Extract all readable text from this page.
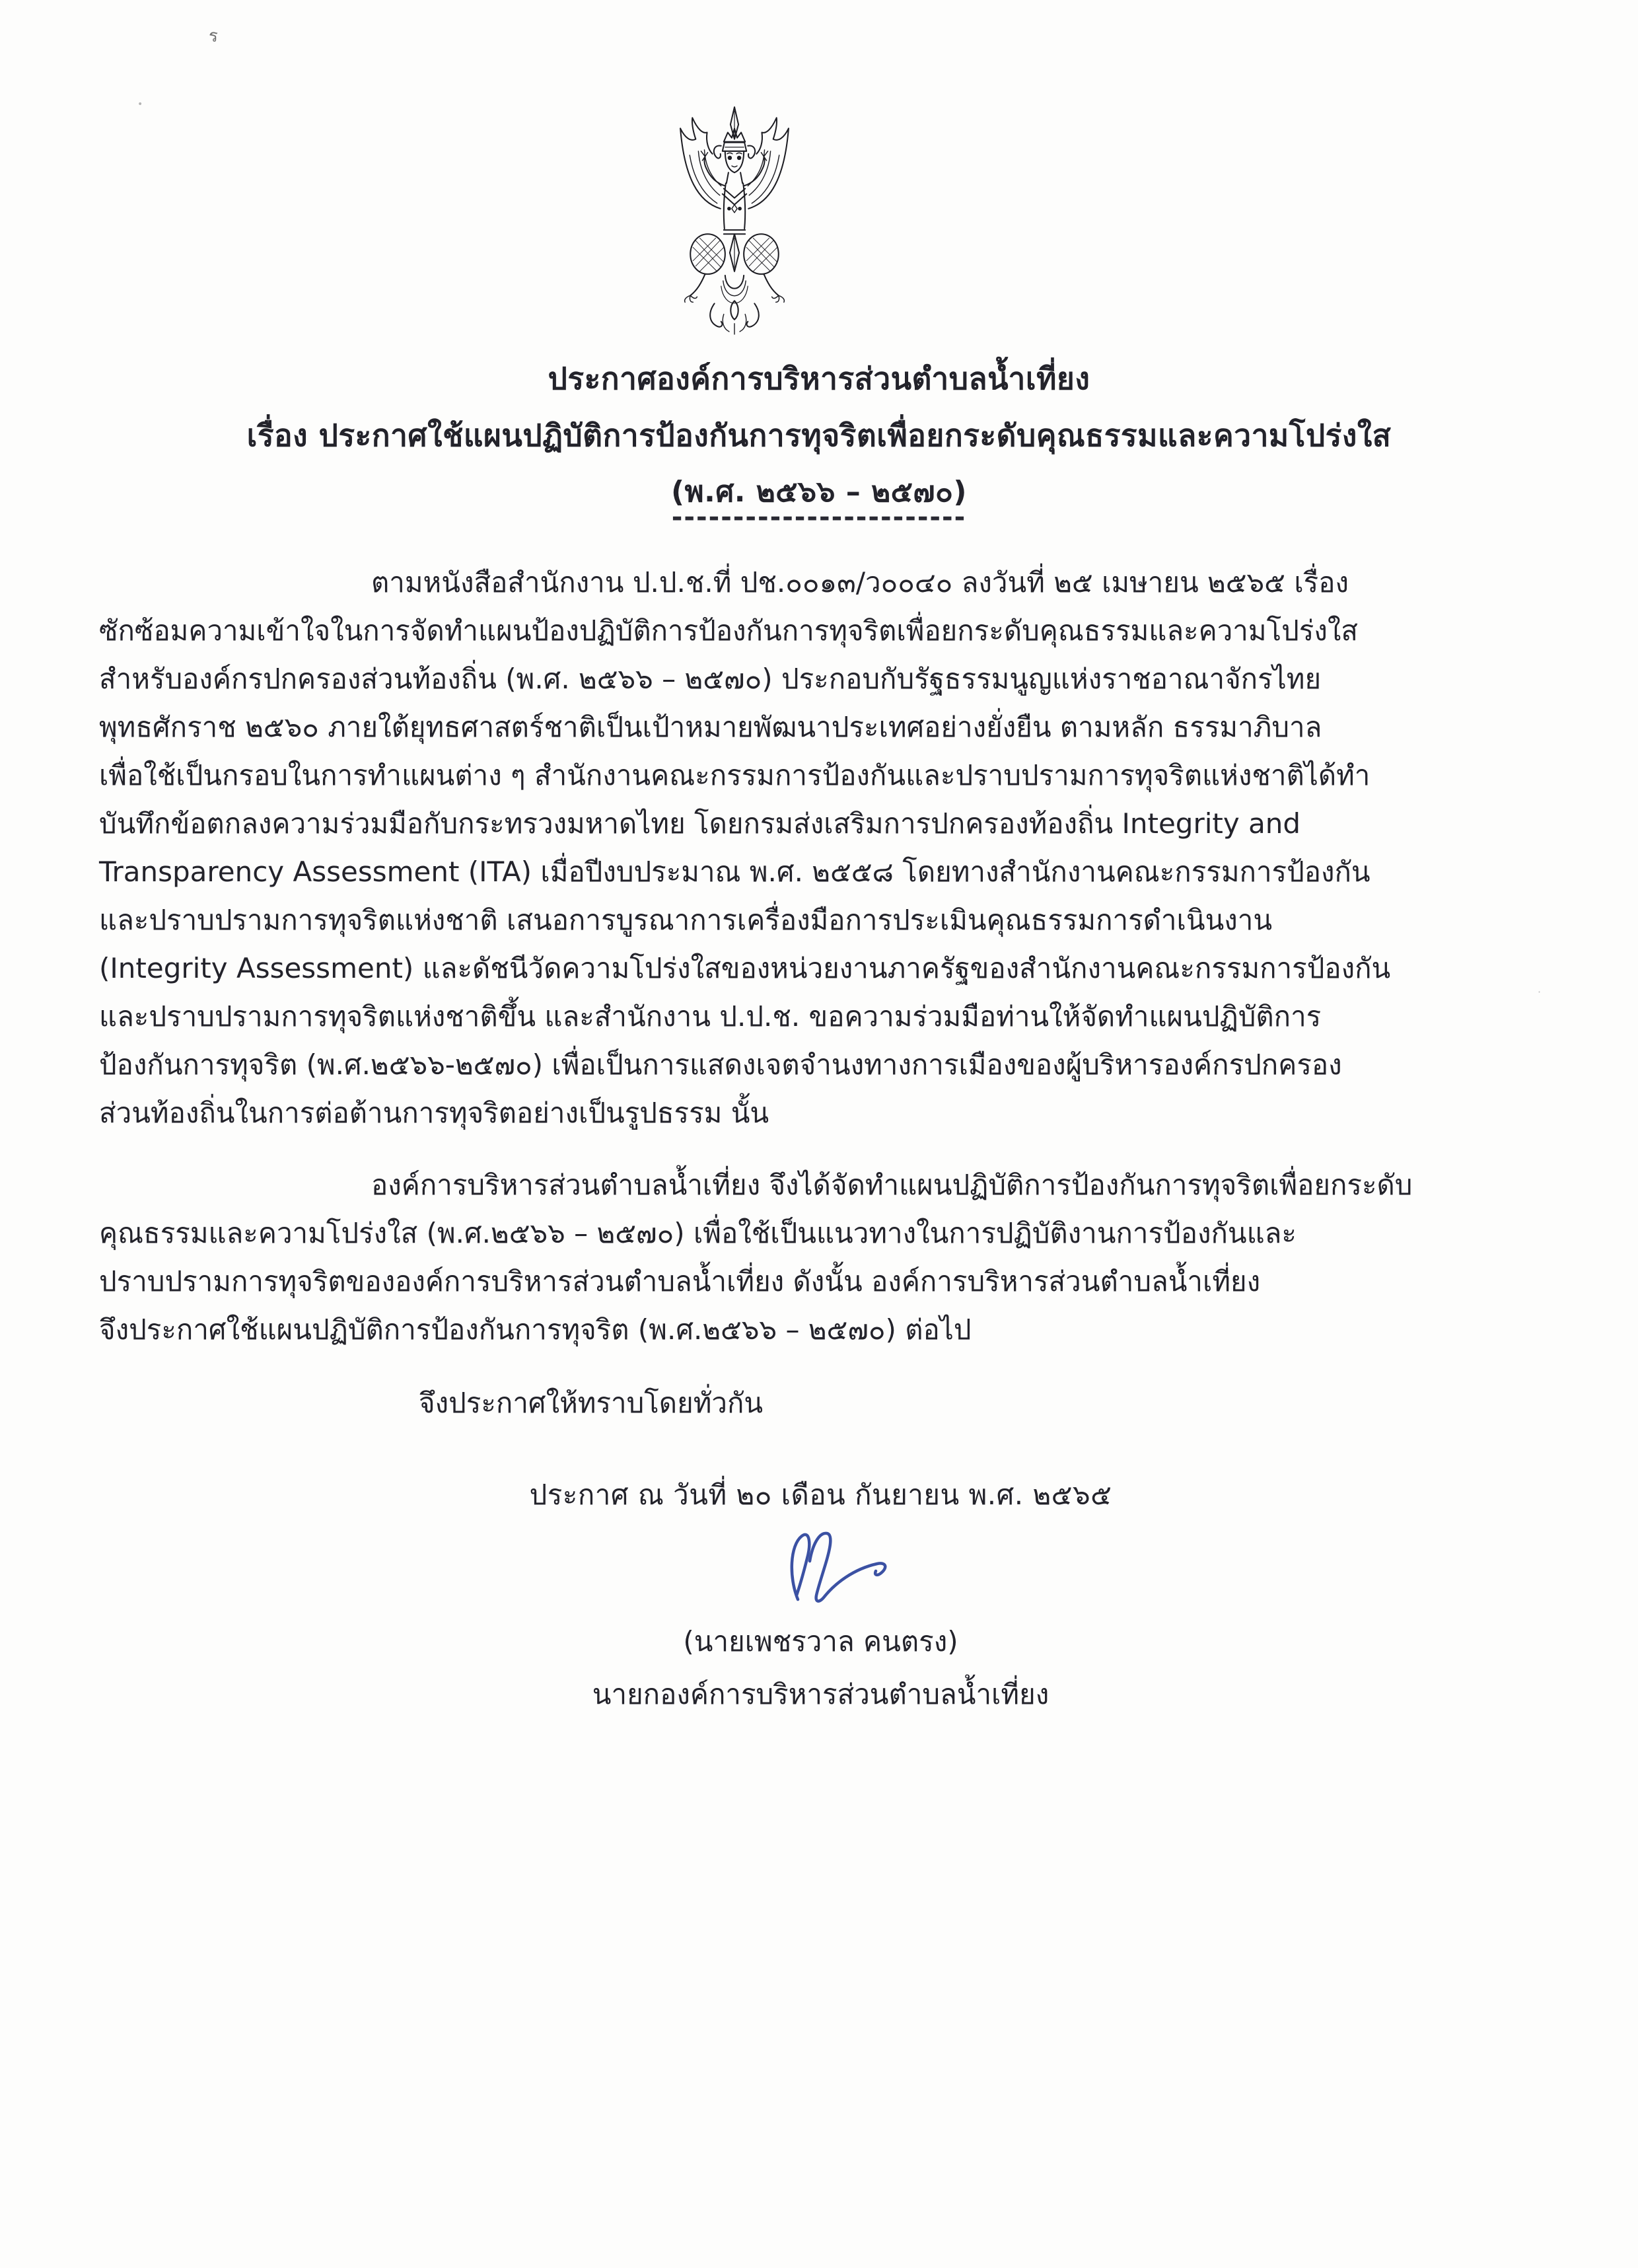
ร
•
·
ประกาศองค์การบริหารส่วนตำบลน้ำเที่ยง
เรื่อง ประกาศใช้แผนปฏิบัติการป้องกันการทุจริตเพื่อยกระดับคุณธรรมและความโปร่งใส
(พ.ศ. ๒๕๖๖ – ๒๕๗๐)
------------------------
ตามหนังสือสำนักงาน ป.ป.ช.ที่ ปช.๐๐๑๓/ว๐๐๔๐ ลงวันที่ ๒๕ เมษายน ๒๕๖๕ เรื่อง
ซักซ้อมความเข้าใจในการจัดทำแผนป้องปฏิบัติการป้องกันการทุจริตเพื่อยกระดับคุณธรรมและความโปร่งใส
สำหรับองค์กรปกครองส่วนท้องถิ่น (พ.ศ. ๒๕๖๖ – ๒๕๗๐) ประกอบกับรัฐธรรมนูญแห่งราชอาณาจักรไทย
พุทธศักราช ๒๕๖๐ ภายใต้ยุทธศาสตร์ชาติเป็นเป้าหมายพัฒนาประเทศอย่างยั่งยืน ตามหลัก ธรรมาภิบาล
เพื่อใช้เป็นกรอบในการทำแผนต่าง ๆ สำนักงานคณะกรรมการป้องกันและปราบปรามการทุจริตแห่งชาติได้ทำ
บันทึกข้อตกลงความร่วมมือกับกระทรวงมหาดไทย โดยกรมส่งเสริมการปกครองท้องถิ่น Integrity and
Transparency Assessment (ITA) เมื่อปีงบประมาณ พ.ศ. ๒๕๕๘ โดยทางสำนักงานคณะกรรมการป้องกัน
และปราบปรามการทุจริตแห่งชาติ เสนอการบูรณาการเครื่องมือการประเมินคุณธรรมการดำเนินงาน
(Integrity Assessment) และดัชนีวัดความโปร่งใสของหน่วยงานภาครัฐของสำนักงานคณะกรรมการป้องกัน
และปราบปรามการทุจริตแห่งชาติขึ้น และสำนักงาน ป.ป.ช. ขอความร่วมมือท่านให้จัดทำแผนปฏิบัติการ
ป้องกันการทุจริต (พ.ศ.๒๕๖๖-๒๕๗๐) เพื่อเป็นการแสดงเจตจำนงทางการเมืองของผู้บริหารองค์กรปกครอง
ส่วนท้องถิ่นในการต่อต้านการทุจริตอย่างเป็นรูปธรรม นั้น
องค์การบริหารส่วนตำบลน้ำเที่ยง จึงได้จัดทำแผนปฏิบัติการป้องกันการทุจริตเพื่อยกระดับ
คุณธรรมและความโปร่งใส (พ.ศ.๒๕๖๖ – ๒๕๗๐) เพื่อใช้เป็นแนวทางในการปฏิบัติงานการป้องกันและ
ปราบปรามการทุจริตขององค์การบริหารส่วนตำบลน้ำเที่ยง ดังนั้น องค์การบริหารส่วนตำบลน้ำเที่ยง
จึงประกาศใช้แผนปฏิบัติการป้องกันการทุจริต (พ.ศ.๒๕๖๖ – ๒๕๗๐) ต่อไป
จึงประกาศให้ทราบโดยทั่วกัน
ประกาศ ณ วันที่ ๒๐ เดือน กันยายน พ.ศ. ๒๕๖๕
(นายเพชรวาล คนตรง)
นายกองค์การบริหารส่วนตำบลน้ำเที่ยง
